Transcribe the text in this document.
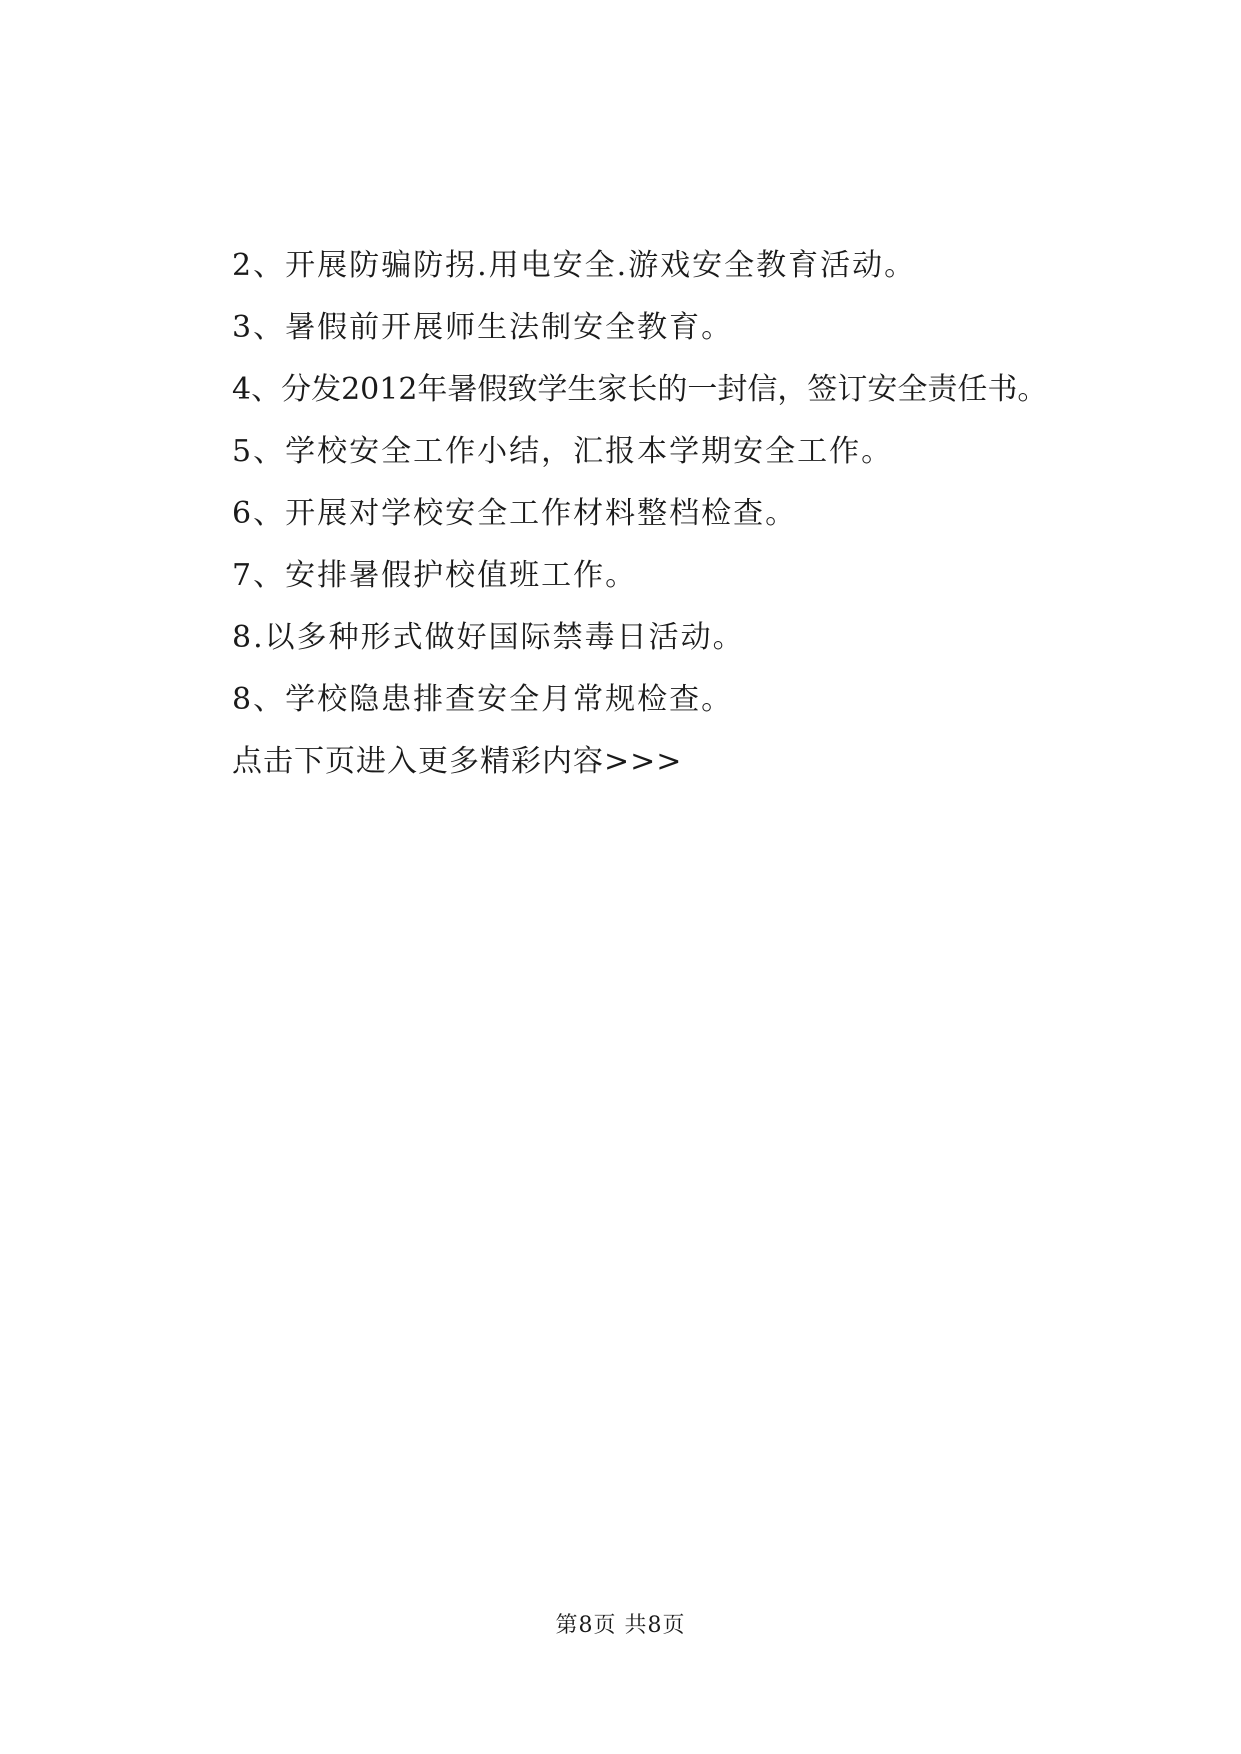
2、开展防骗防拐.用电安全.游戏安全教育活动。
3、暑假前开展师生法制安全教育。
4、分发2012年暑假致学生家长的一封信，签订安全责任书。
5、学校安全工作小结，汇报本学期安全工作。
6、开展对学校安全工作材料整档检查。
7、安排暑假护校值班工作。
8.以多种形式做好国际禁毒日活动。
8、学校隐患排查安全月常规检查。
点击下页进入更多精彩内容>>>
第8页 共8页
